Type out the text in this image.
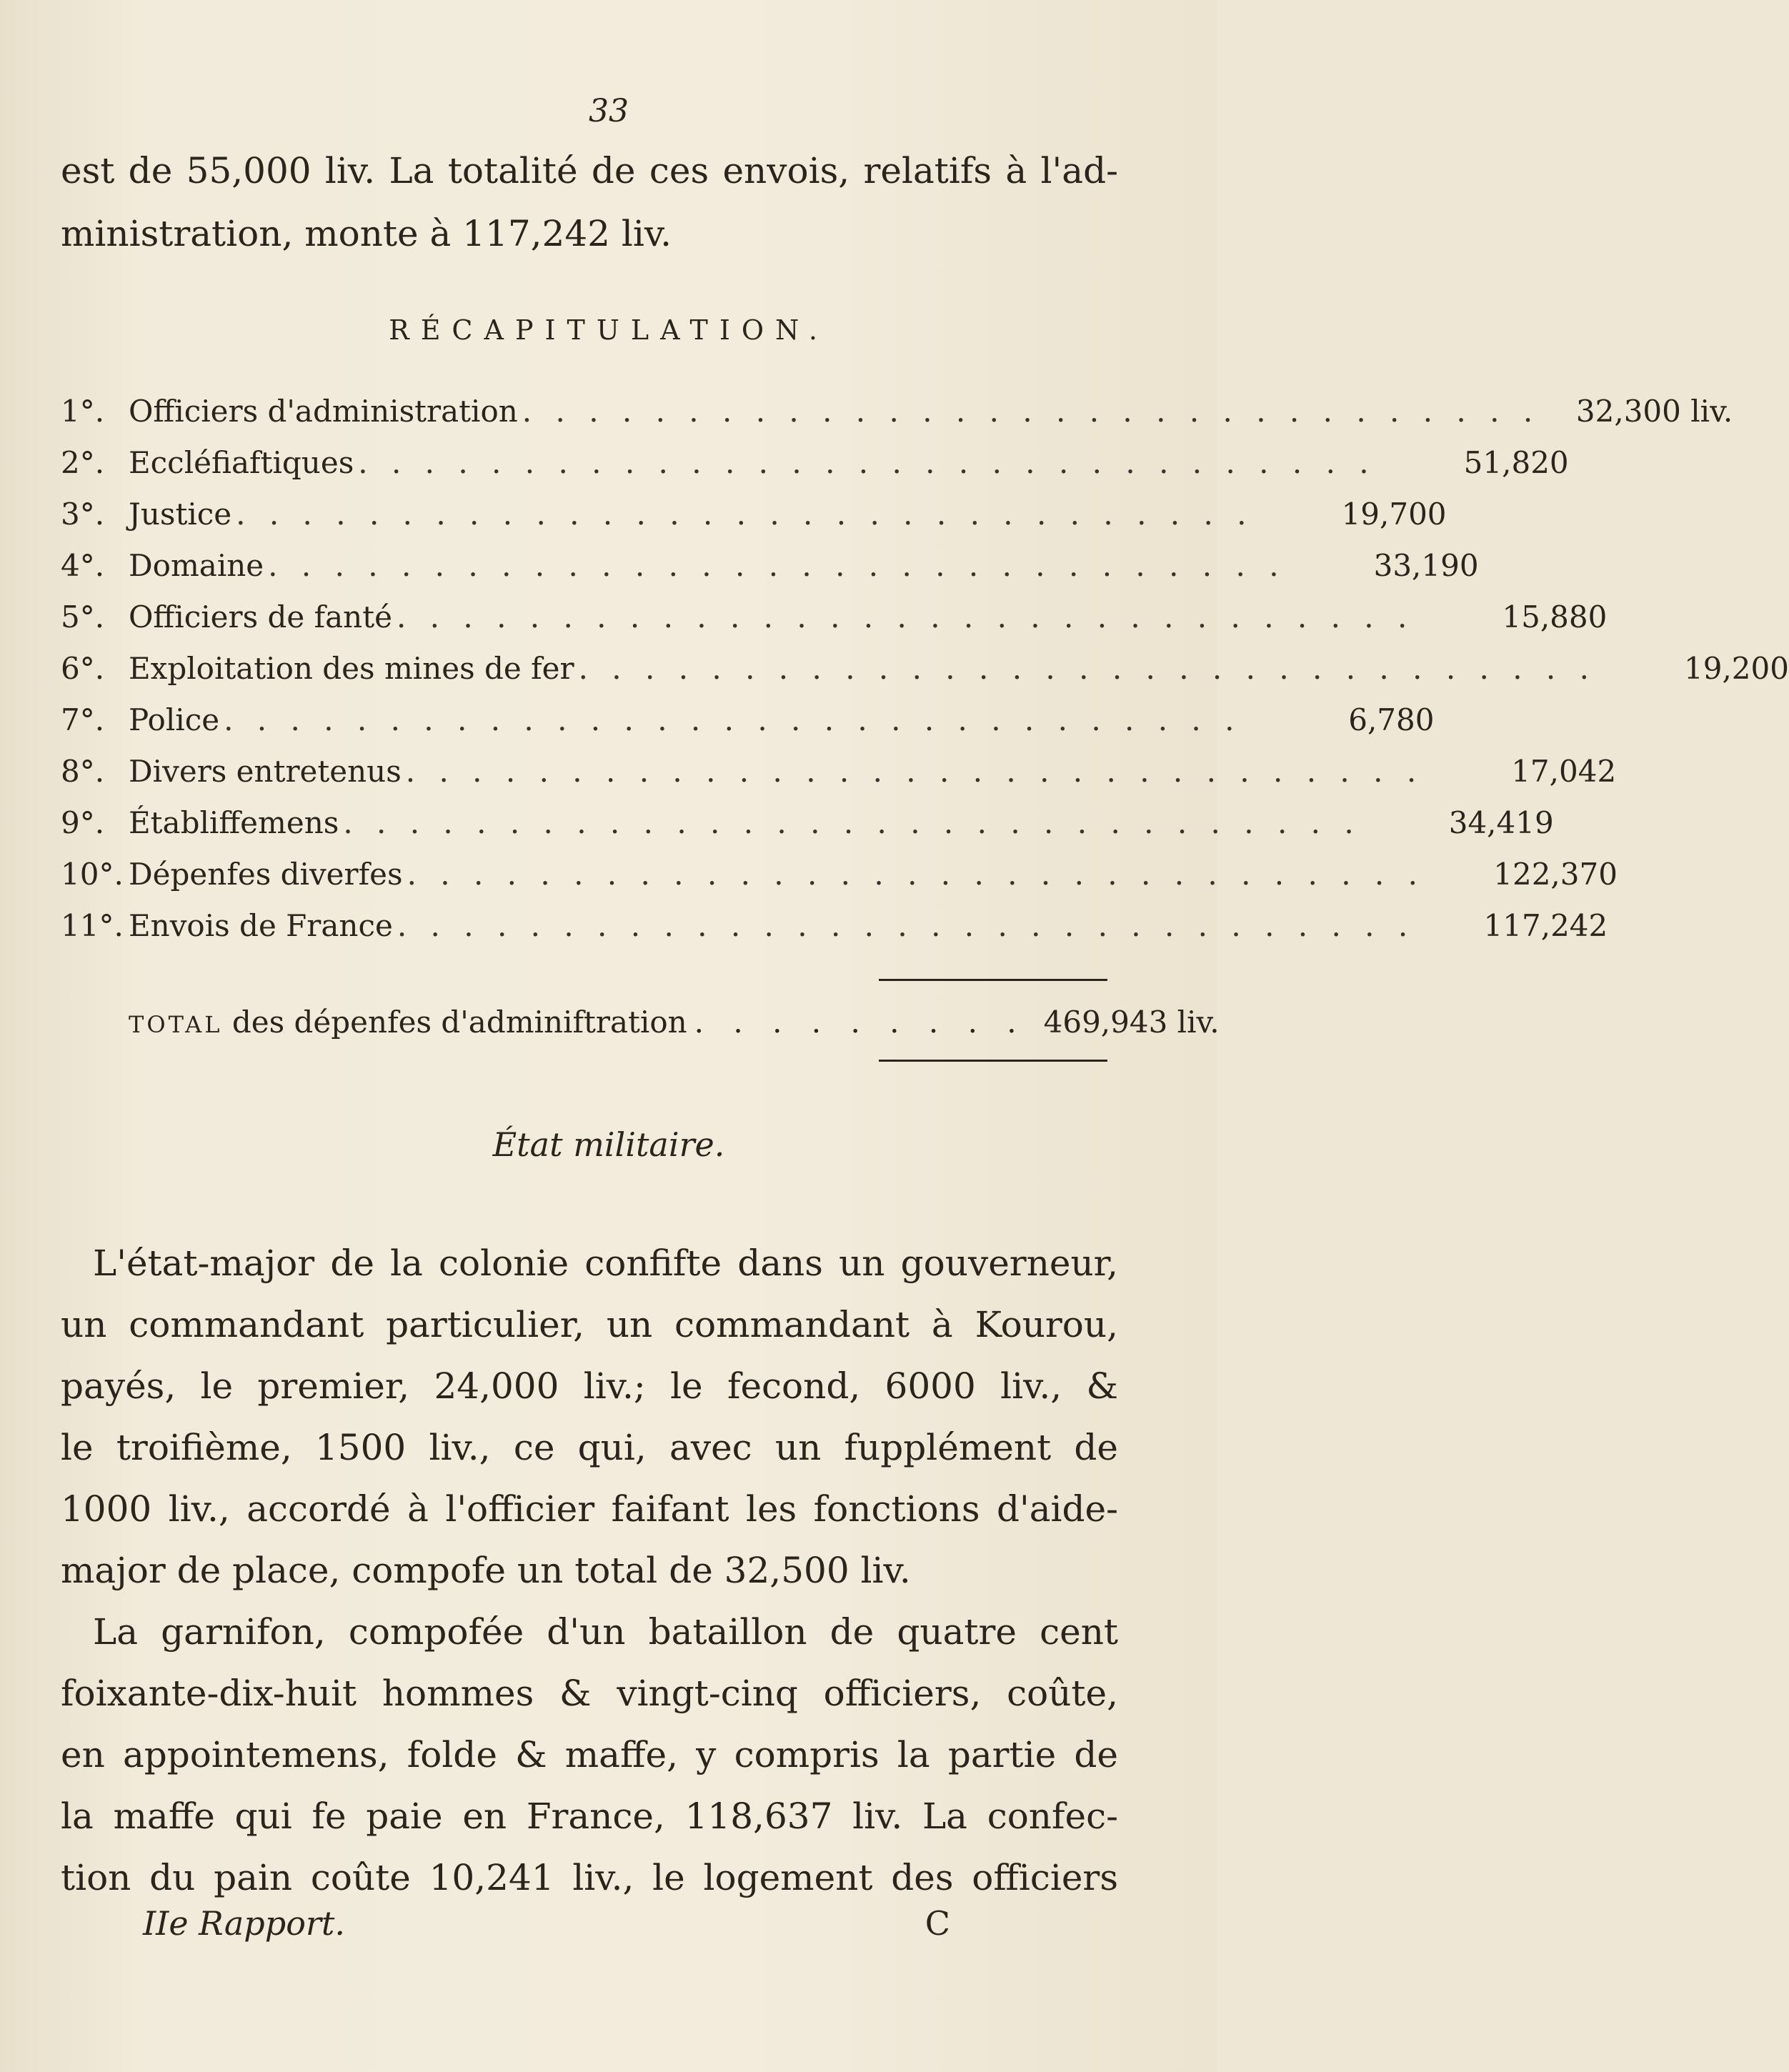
33
est de 55,000 liv. La totalité de ces envois, relatifs à l'ad-
ministration, monte à 117,242 liv.
RÉCAPITULATION.
1°. Officiers d'administration . . . . . . . . . . . . . . . . . . . . . . . . . . . . . . .	32,300 liv.
2°. Eccléfiaftiques . . . . . . . . . . . . . . . . . . . . . . . . . . . . . . .	51,820
3°. Justice . . . . . . . . . . . . . . . . . . . . . . . . . . . . . . .	19,700
4°. Domaine . . . . . . . . . . . . . . . . . . . . . . . . . . . . . . .	33,190
5°. Officiers de fanté . . . . . . . . . . . . . . . . . . . . . . . . . . . . . . .	15,880
6°. Exploitation des mines de fer . . . . . . . . . . . . . . . . . . . . . . . . . . . . . . .	19,200
7°. Police . . . . . . . . . . . . . . . . . . . . . . . . . . . . . . .	6,780
8°. Divers entretenus . . . . . . . . . . . . . . . . . . . . . . . . . . . . . . .	17,042
9°. Établiffemens . . . . . . . . . . . . . . . . . . . . . . . . . . . . . . .	34,419
10°. Dépenfes diverfes . . . . . . . . . . . . . . . . . . . . . . . . . . . . . . .	122,370
11°. Envois de France . . . . . . . . . . . . . . . . . . . . . . . . . . . . . . .	117,242
TOTAL des dépenfes d'adminiftration . . . . . . . . . 469,943 liv.
État militaire.
L'état-major de la colonie confifte dans un gouverneur,
un commandant particulier, un commandant à Kourou,
payés, le premier, 24,000 liv.; le fecond, 6000 liv., &
le troifième, 1500 liv., ce qui, avec un fupplément de
1000 liv., accordé à l'officier faifant les fonctions d'aide-
major de place, compofe un total de 32,500 liv.
La garnifon, compofée d'un bataillon de quatre cent
foixante-dix-huit hommes & vingt-cinq officiers, coûte,
en appointemens, folde & maffe, y compris la partie de
la maffe qui fe paie en France, 118,637 liv. La confec-
tion du pain coûte 10,241 liv., le logement des officiers
IIe Rapport.	C
